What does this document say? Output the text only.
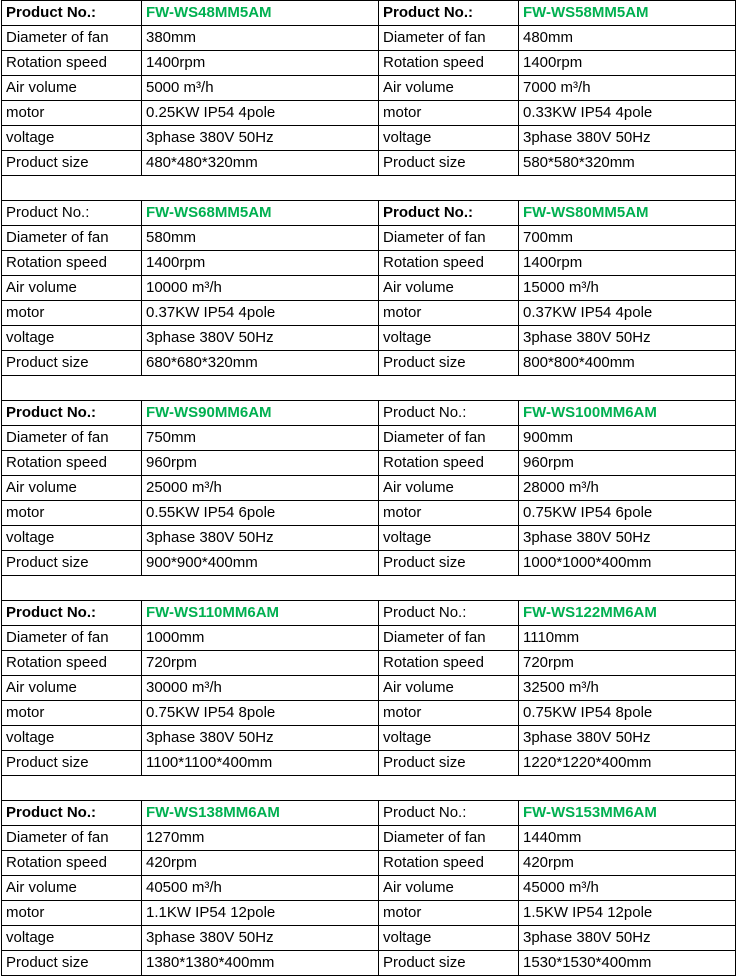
Product No.:	FW-WS48MM5AM	Product No.:	FW-WS58MM5AM
Diameter of fan	380mm	Diameter of fan	480mm
Rotation speed	1400rpm	Rotation speed	1400rpm
Air volume	5000 m³/h	Air volume	7000 m³/h
motor	0.25KW IP54 4pole	motor	0.33KW IP54 4pole
voltage	3phase 380V 50Hz	voltage	3phase 380V 50Hz
Product size	480*480*320mm	Product size	580*580*320mm

Product No.:	FW-WS68MM5AM	Product No.:	FW-WS80MM5AM
Diameter of fan	580mm	Diameter of fan	700mm
Rotation speed	1400rpm	Rotation speed	1400rpm
Air volume	10000 m³/h	Air volume	15000 m³/h
motor	0.37KW IP54 4pole	motor	0.37KW IP54 4pole
voltage	3phase 380V 50Hz	voltage	3phase 380V 50Hz
Product size	680*680*320mm	Product size	800*800*400mm

Product No.:	FW-WS90MM6AM	Product No.:	FW-WS100MM6AM
Diameter of fan	750mm	Diameter of fan	900mm
Rotation speed	960rpm	Rotation speed	960rpm
Air volume	25000 m³/h	Air volume	28000 m³/h
motor	0.55KW IP54 6pole	motor	0.75KW IP54 6pole
voltage	3phase 380V 50Hz	voltage	3phase 380V 50Hz
Product size	900*900*400mm	Product size	1000*1000*400mm

Product No.:	FW-WS110MM6AM	Product No.:	FW-WS122MM6AM
Diameter of fan	1000mm	Diameter of fan	1110mm
Rotation speed	720rpm	Rotation speed	720rpm
Air volume	30000 m³/h	Air volume	32500 m³/h
motor	0.75KW IP54 8pole	motor	0.75KW IP54 8pole
voltage	3phase 380V 50Hz	voltage	3phase 380V 50Hz
Product size	1100*1100*400mm	Product size	1220*1220*400mm

Product No.:	FW-WS138MM6AM	Product No.:	FW-WS153MM6AM
Diameter of fan	1270mm	Diameter of fan	1440mm
Rotation speed	420rpm	Rotation speed	420rpm
Air volume	40500 m³/h	Air volume	45000 m³/h
motor	1.1KW IP54 12pole	motor	1.5KW IP54 12pole
voltage	3phase 380V 50Hz	voltage	3phase 380V 50Hz
Product size	1380*1380*400mm	Product size	1530*1530*400mm
